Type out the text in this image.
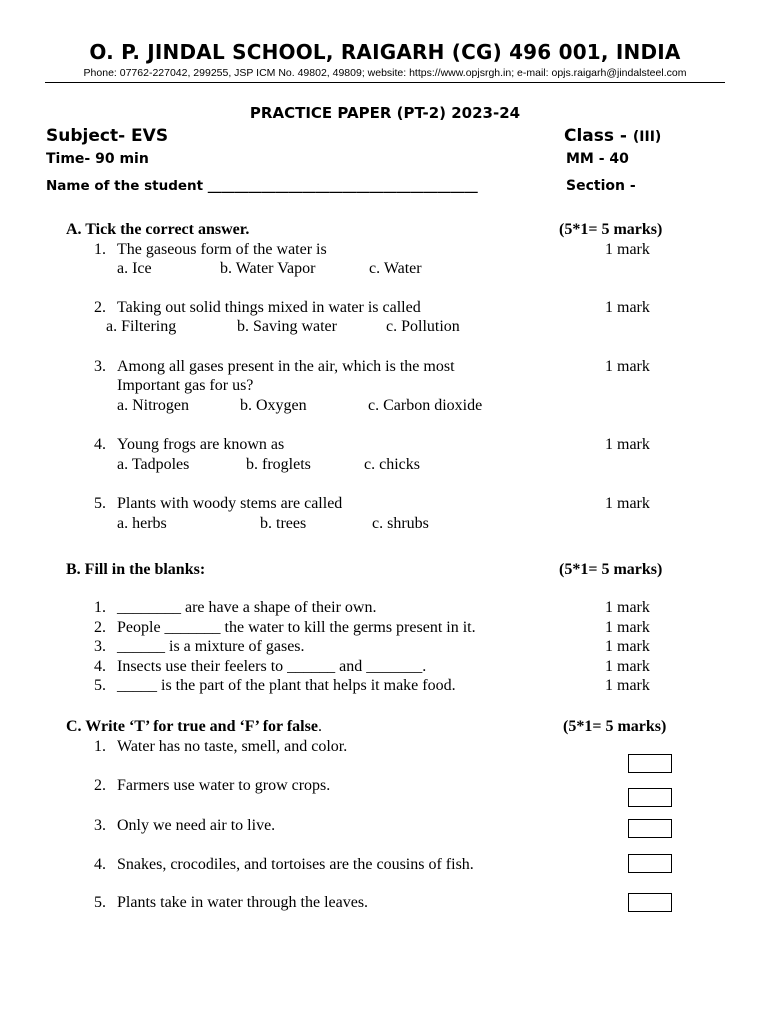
O. P. JINDAL SCHOOL, RAIGARH (CG) 496 001, INDIA
Phone: 07762-227042, 299255, JSP ICM No. 49802, 49809; website: https://www.opjsrgh.in; e-mail: opjs.raigarh@jindalsteel.com
PRACTICE PAPER (PT-2) 2023-24
Subject- EVS	Class - (III)
Time- 90 min	MM - 40
Name of the student ________________________________________	Section -
A. Tick the correct answer.	(5*1= 5 marks)
1. The gaseous form of the water is	1 mark
a. Ice	b. Water Vapor	c. Water
2. Taking out solid things mixed in water is called	1 mark
a. Filtering	b. Saving water	c. Pollution
3. Among all gases present in the air, which is the most
Important gas for us?
1 mark
a. Nitrogen	b. Oxygen	c. Carbon dioxide
4. Young frogs are known as	1 mark
a. Tadpoles	b. froglets	c. chicks
5. Plants with woody stems are called	1 mark
a. herbs	b. trees	c. shrubs
B. Fill in the blanks:	(5*1= 5 marks)
1. ________ are have a shape of their own.	1 mark
2. People _______ the water to kill the germs present in it.	1 mark
3. ______ is a mixture of gases.	1 mark
4. Insects use their feelers to ______ and _______.	1 mark
5. _____ is the part of the plant that helps it make food.	1 mark
C. Write ‘T’ for true and ‘F’ for false.	(5*1= 5 marks)
1. Water has no taste, smell, and color.
2. Farmers use water to grow crops.
3. Only we need air to live.
4. Snakes, crocodiles, and tortoises are the cousins of fish.
5. Plants take in water through the leaves.
